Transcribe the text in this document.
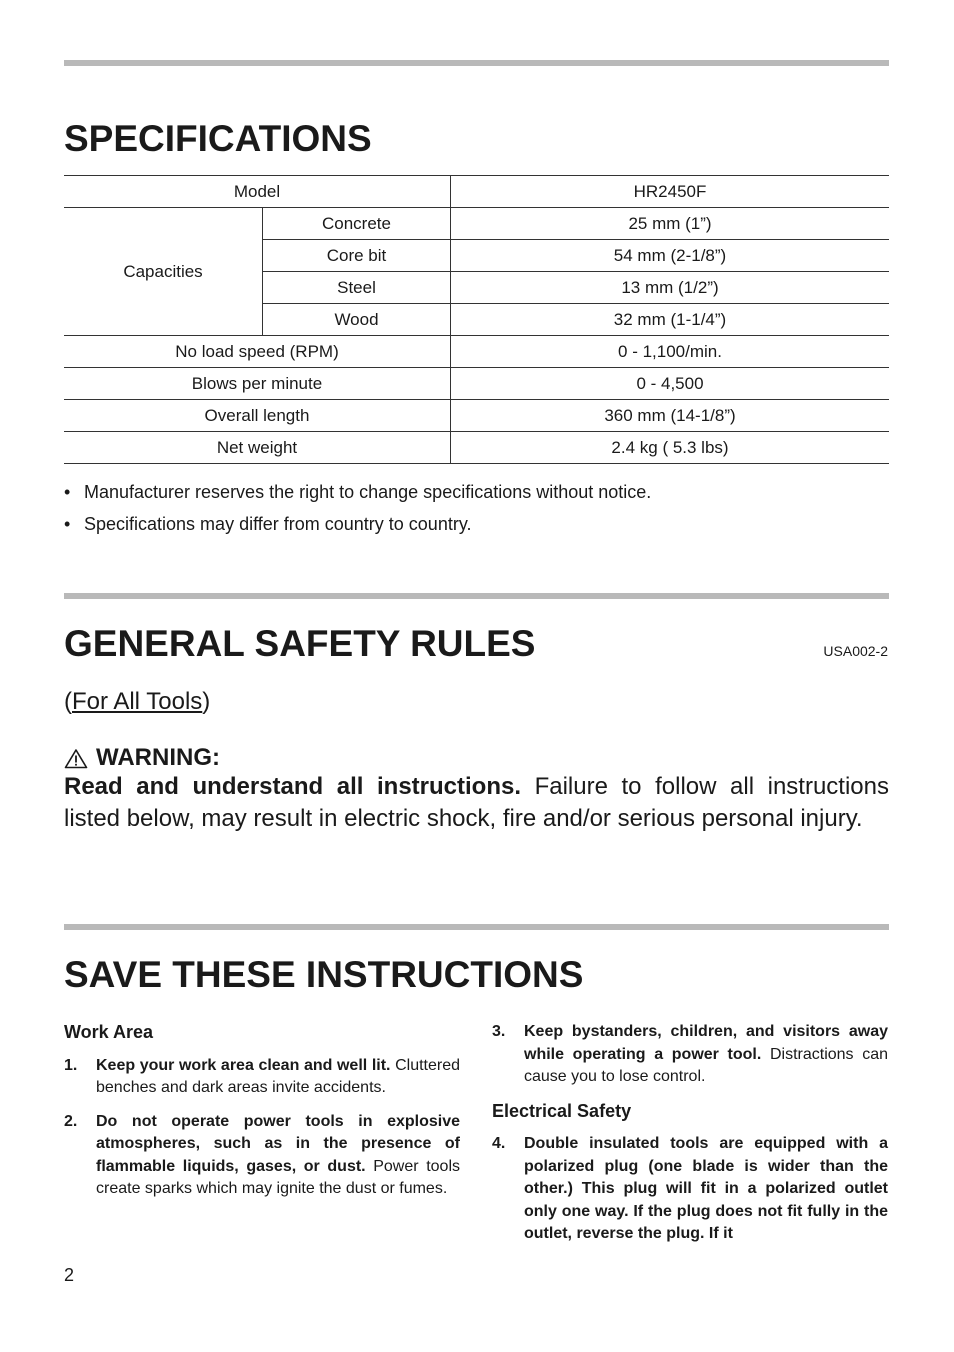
SPECIFICATIONS
Model		HR2450F
Capacities	Concrete	25 mm (1”)
	Core bit	54 mm (2-1/8”)
	Steel	13 mm (1/2”)
	Wood	32 mm (1-1/4”)
No load speed (RPM)		0 - 1,100/min.
Blows per minute		0 - 4,500
Overall length		360 mm (14-1/8”)
Net weight		2.4 kg ( 5.3 lbs)
• Manufacturer reserves the right to change specifications without notice.
• Specifications may differ from country to country.
GENERAL SAFETY RULES	USA002-2
(For All Tools)
WARNING:
Read and understand all instructions. Failure to follow all instructions listed below, may result in electric shock, fire and/or serious personal injury.
SAVE THESE INSTRUCTIONS
Work Area
1.	Keep your work area clean and well lit. Cluttered benches and dark areas invite accidents.
2.	Do not operate power tools in explosive atmospheres, such as in the presence of flammable liquids, gases, or dust. Power tools create sparks which may ignite the dust or fumes.
3.	Keep bystanders, children, and visitors away while operating a power tool. Distractions can cause you to lose control.
Electrical Safety
4.	Double insulated tools are equipped with a polarized plug (one blade is wider than the other.) This plug will fit in a polarized outlet only one way. If the plug does not fit fully in the outlet, reverse the plug. If it
2
